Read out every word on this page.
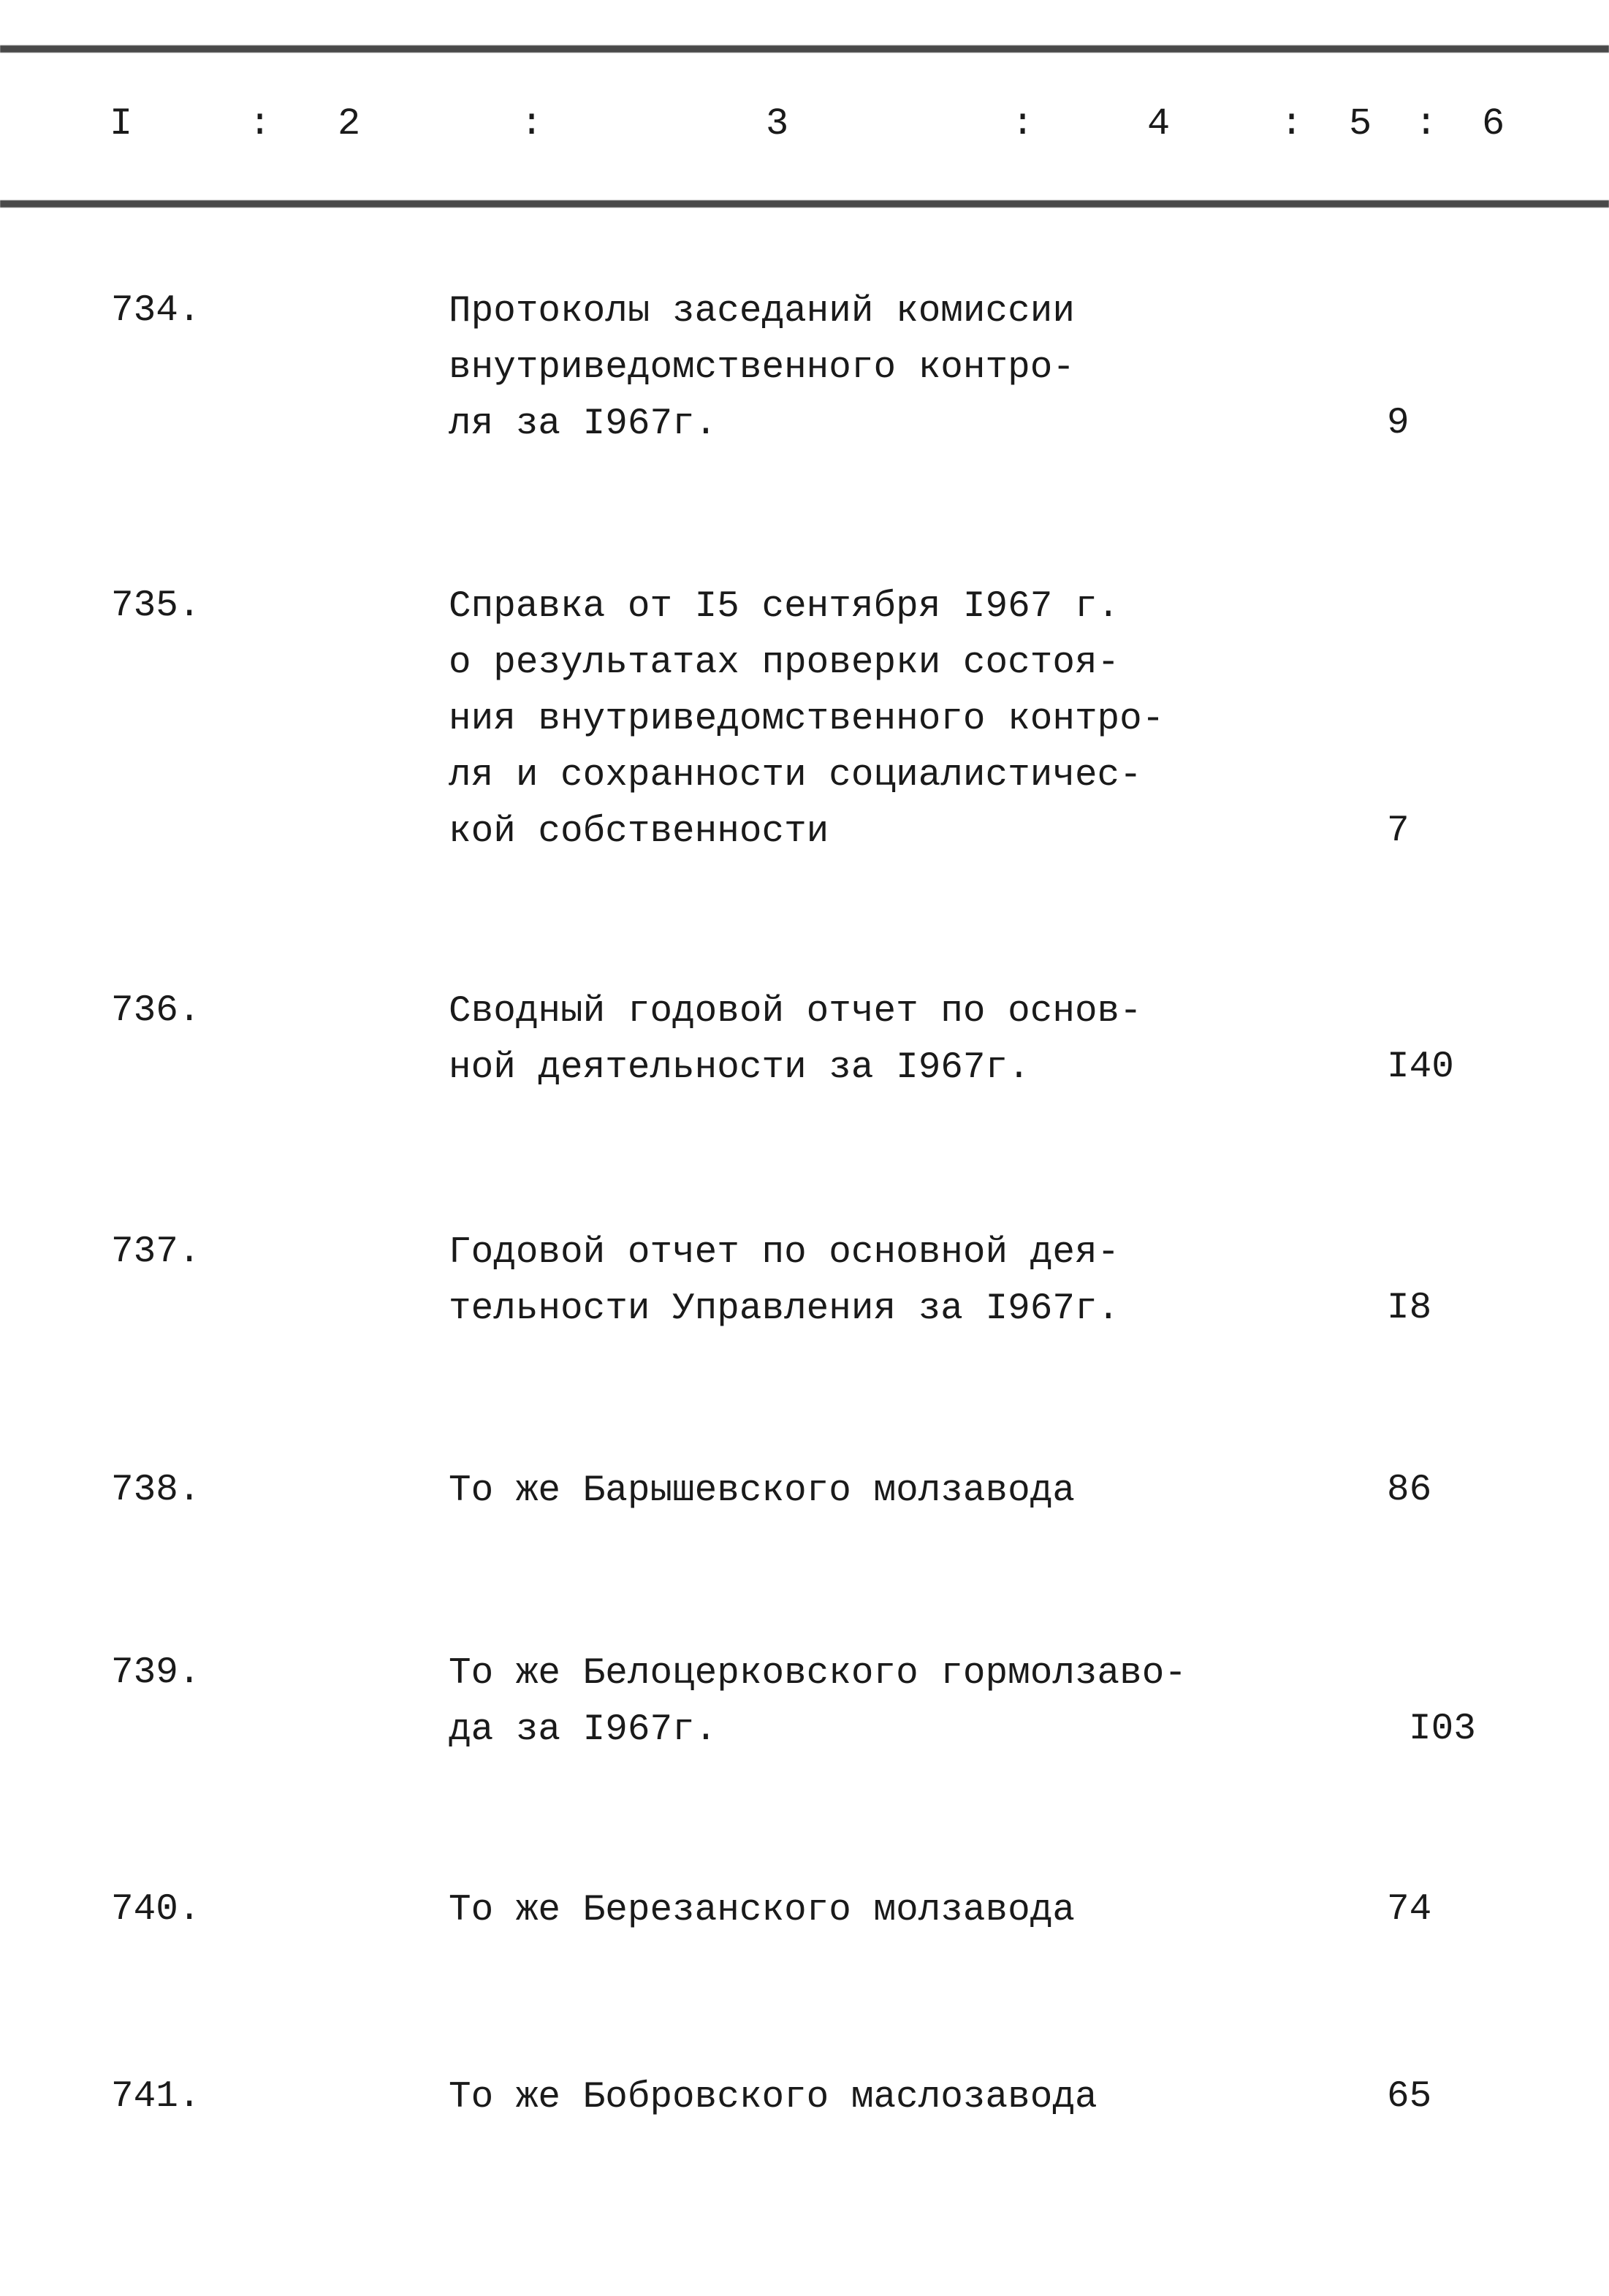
I	2	3	4	5	6
:	:	:	:	:
734.	Протоколы заседаний комиссии
внутриведомственного контро-
ля за I967г.	9
735.	Справка от I5 сентября I967 г.
о результатах проверки состоя-
ния внутриведомственного контро-
ля и сохранности социалистичес-
кой собственности	7
736.	Сводный годовой отчет по основ-
ной деятельности за I967г.	I40
737.	Годовой отчет по основной дея-
тельности Управления за I967г.	I8
738.	То же Барышевского молзавода	86
739.	То же Белоцерковского гормолзаво-
да за I967г.	I03
740.	То же Березанского молзавода	74
741.	То же Бобровского маслозавода	65
